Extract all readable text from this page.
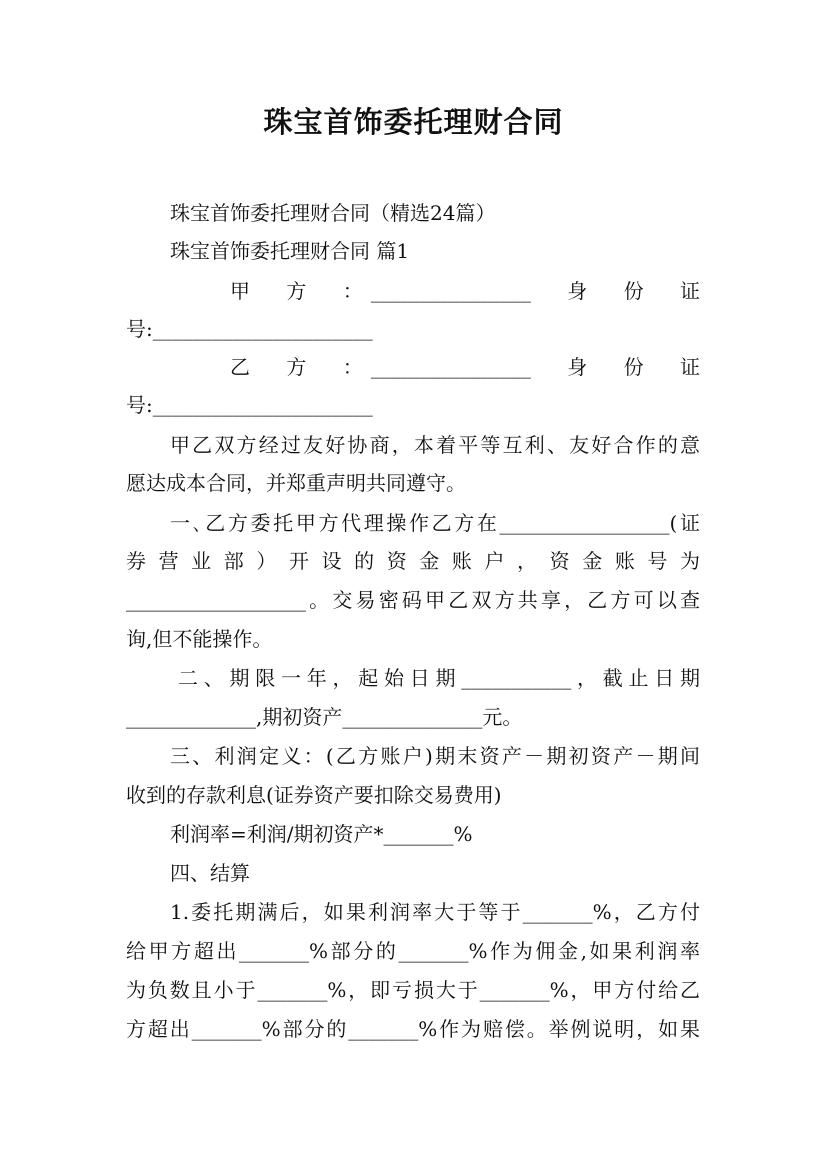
珠宝首饰委托理财合同
珠宝首饰委托理财合同（精选24篇）
珠宝首饰委托理财合同 篇1
甲　方　：________________　身　份　证
号:______________________
乙　方　：________________　身　份　证
号:______________________
甲乙双方经过友好协商，本着平等互利、友好合作的意
愿达成本合同，并郑重声明共同遵守。
一､乙方委托甲方代理操作乙方在_________________(证
券营业部）开设的资金账户，资金账号为
__________________。交易密码甲乙双方共享，乙方可以查
询,但不能操作。
二、期限一年，起始日期___________，截止日期
_____________,期初资产______________元。
三、利润定义：(乙方账户)期末资产－期初资产－期间
收到的存款利息(证券资产要扣除交易费用)
利润率=利润/期初资产*_______%
四、结算
1.委托期满后，如果利润率大于等于_______%，乙方付
给甲方超出_______%部分的_______%作为佣金,如果利润率
为负数且小于_______%，即亏损大于_______%，甲方付给乙
方超出_______%部分的_______%作为赔偿。举例说明，如果
